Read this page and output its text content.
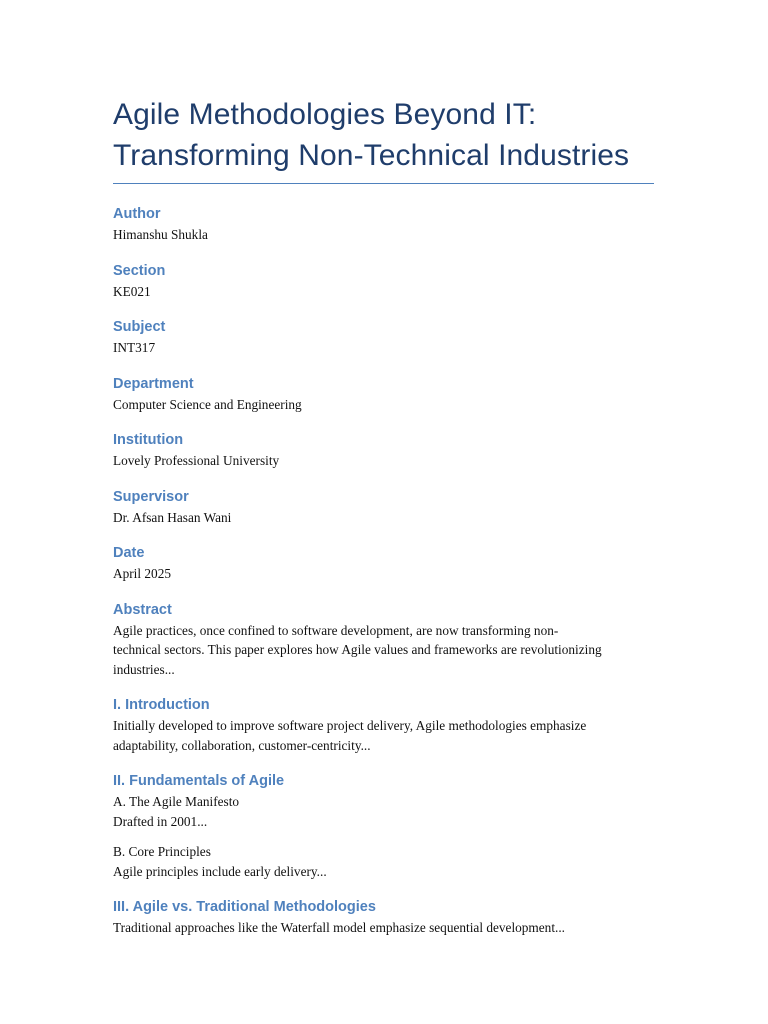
Agile Methodologies Beyond IT:
Transforming Non-Technical Industries
Author
Himanshu Shukla
Section
KE021
Subject
INT317
Department
Computer Science and Engineering
Institution
Lovely Professional University
Supervisor
Dr. Afsan Hasan Wani
Date
April 2025
Abstract
Agile practices, once confined to software development, are now transforming non-
technical sectors. This paper explores how Agile values and frameworks are revolutionizing
industries...
I. Introduction
Initially developed to improve software project delivery, Agile methodologies emphasize
adaptability, collaboration, customer-centricity...
II. Fundamentals of Agile
A. The Agile Manifesto
Drafted in 2001...
B. Core Principles
Agile principles include early delivery...
III. Agile vs. Traditional Methodologies
Traditional approaches like the Waterfall model emphasize sequential development...
